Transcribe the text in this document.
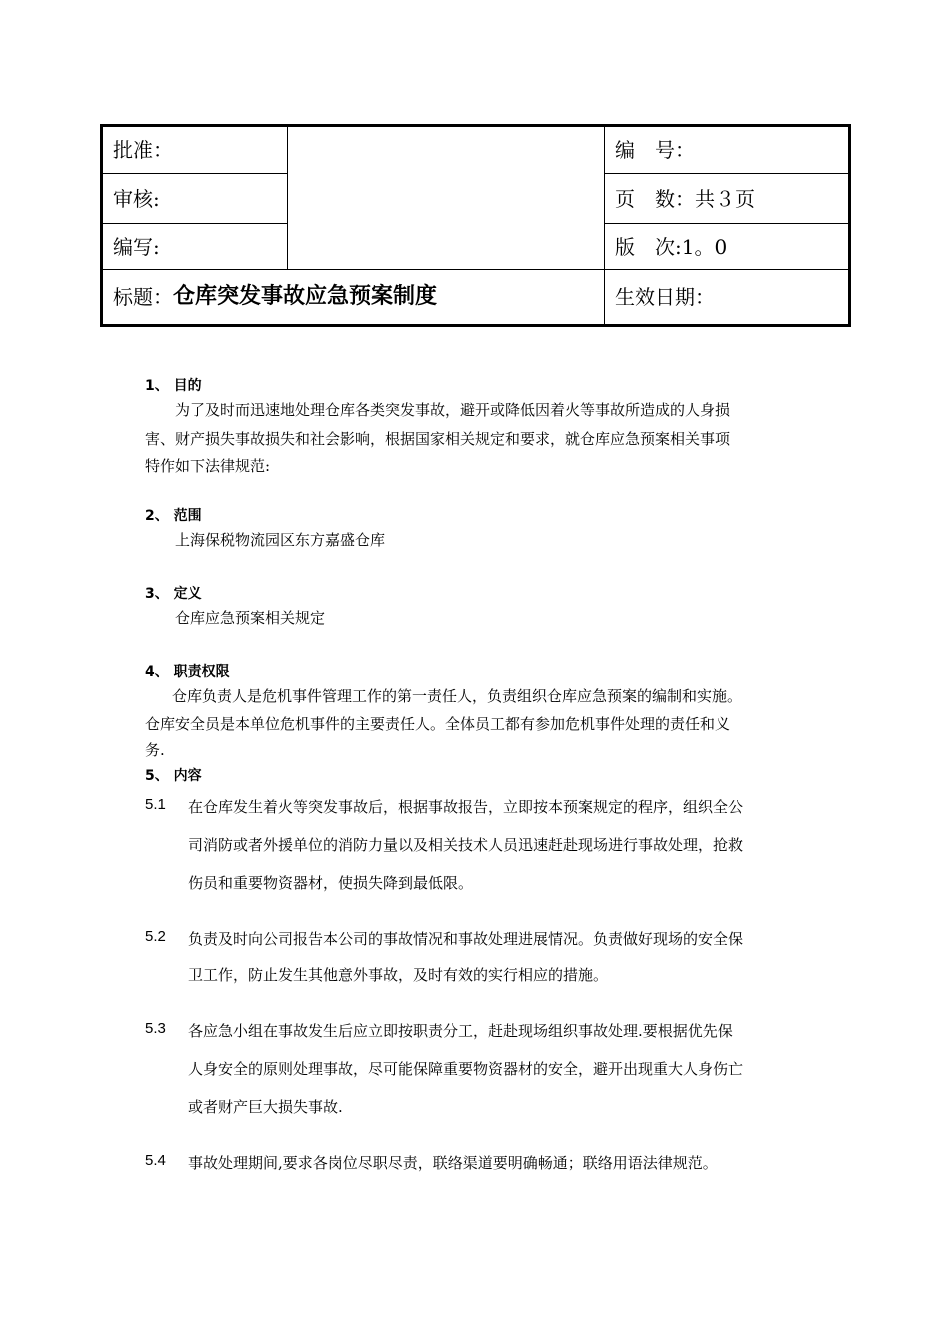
批准：
审核:
编写:
编　号：
页　数：共３页
版　次:1。0
标题： 仓库突发事故应急预案制度	生效日期：
1、 目的
为了及时而迅速地处理仓库各类突发事故，避开或降低因着火等事故所造成的人身损
害、财产损失事故损失和社会影响，根据国家相关规定和要求，就仓库应急预案相关事项
特作如下法律规范:
2、 范围
上海保税物流园区东方嘉盛仓库
3、 定义
仓库应急预案相关规定
4、 职责权限
仓库负责人是危机事件管理工作的第一责任人，负责组织仓库应急预案的编制和实施。
仓库安全员是本单位危机事件的主要责任人。全体员工都有参加危机事件处理的责任和义
务.
5、 内容
5.1 在仓库发生着火等突发事故后，根据事故报告，立即按本预案规定的程序，组织全公
司消防或者外援单位的消防力量以及相关技术人员迅速赶赴现场进行事故处理，抢救
伤员和重要物资器材，使损失降到最低限。
5.2 负责及时向公司报告本公司的事故情况和事故处理进展情况。负责做好现场的安全保
卫工作，防止发生其他意外事故，及时有效的实行相应的措施。
5.3 各应急小组在事故发生后应立即按职责分工，赶赴现场组织事故处理.要根据优先保
人身安全的原则处理事故，尽可能保障重要物资器材的安全，避开出现重大人身伤亡
或者财产巨大损失事故.
5.4 事故处理期间,要求各岗位尽职尽责，联络渠道要明确畅通；联络用语法律规范。
